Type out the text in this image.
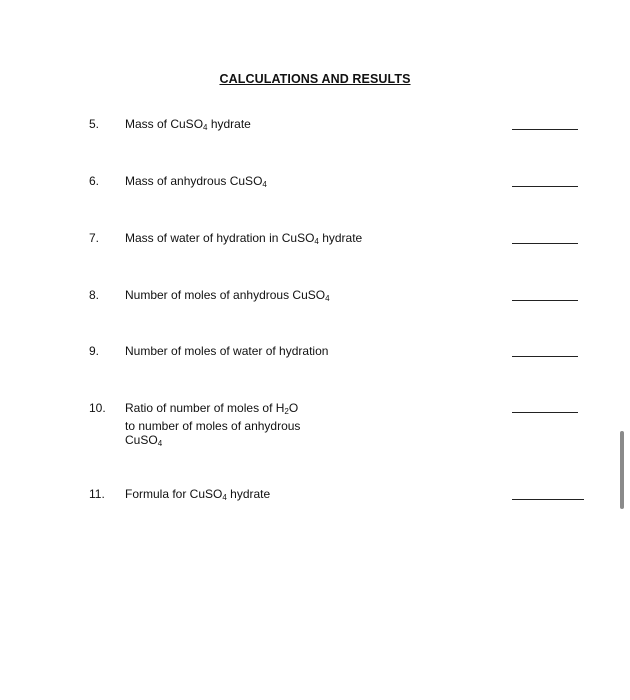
CALCULATIONS AND RESULTS
5. Mass of CuSO$_4$ hydrate
6. Mass of anhydrous CuSO$_4$
7. Mass of water of hydration in CuSO$_4$ hydrate
8. Number of moles of anhydrous CuSO$_4$
9. Number of moles of water of hydration
10. Ratio of number of moles of $H_2O$ to number of moles of anhydrous CuSO$_4$
11. Formula for CuSO$_4$ hydrate
